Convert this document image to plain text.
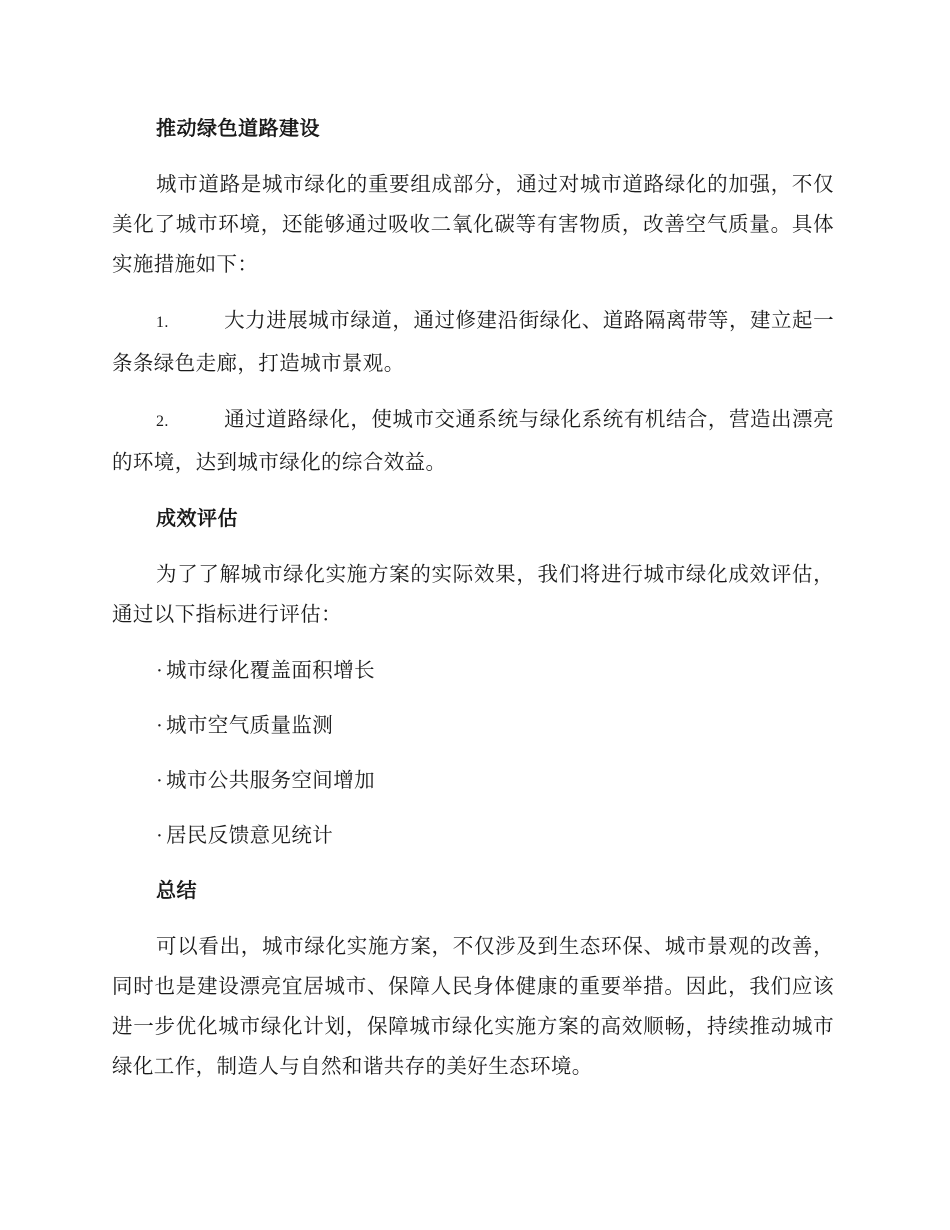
推动绿色道路建设

城市道路是城市绿化的重要组成部分，通过对城市道路绿化的加强，不仅美化了城市环境，还能够通过吸收二氧化碳等有害物质，改善空气质量。具体实施措施如下：

1.	大力进展城市绿道，通过修建沿街绿化、道路隔离带等，建立起一条条绿色走廊，打造城市景观。

2.	通过道路绿化，使城市交通系统与绿化系统有机结合，营造出漂亮的环境，达到城市绿化的综合效益。

成效评估

为了了解城市绿化实施方案的实际效果，我们将进行城市绿化成效评估，通过以下指标进行评估：

· 城市绿化覆盖面积增长
· 城市空气质量监测
· 城市公共服务空间增加
· 居民反馈意见统计
总结

可以看出，城市绿化实施方案，不仅涉及到生态环保、城市景观的改善，同时也是建设漂亮宜居城市、保障人民身体健康的重要举措。因此，我们应该进一步优化城市绿化计划，保障城市绿化实施方案的高效顺畅，持续推动城市绿化工作，制造人与自然和谐共存的美好生态环境。
